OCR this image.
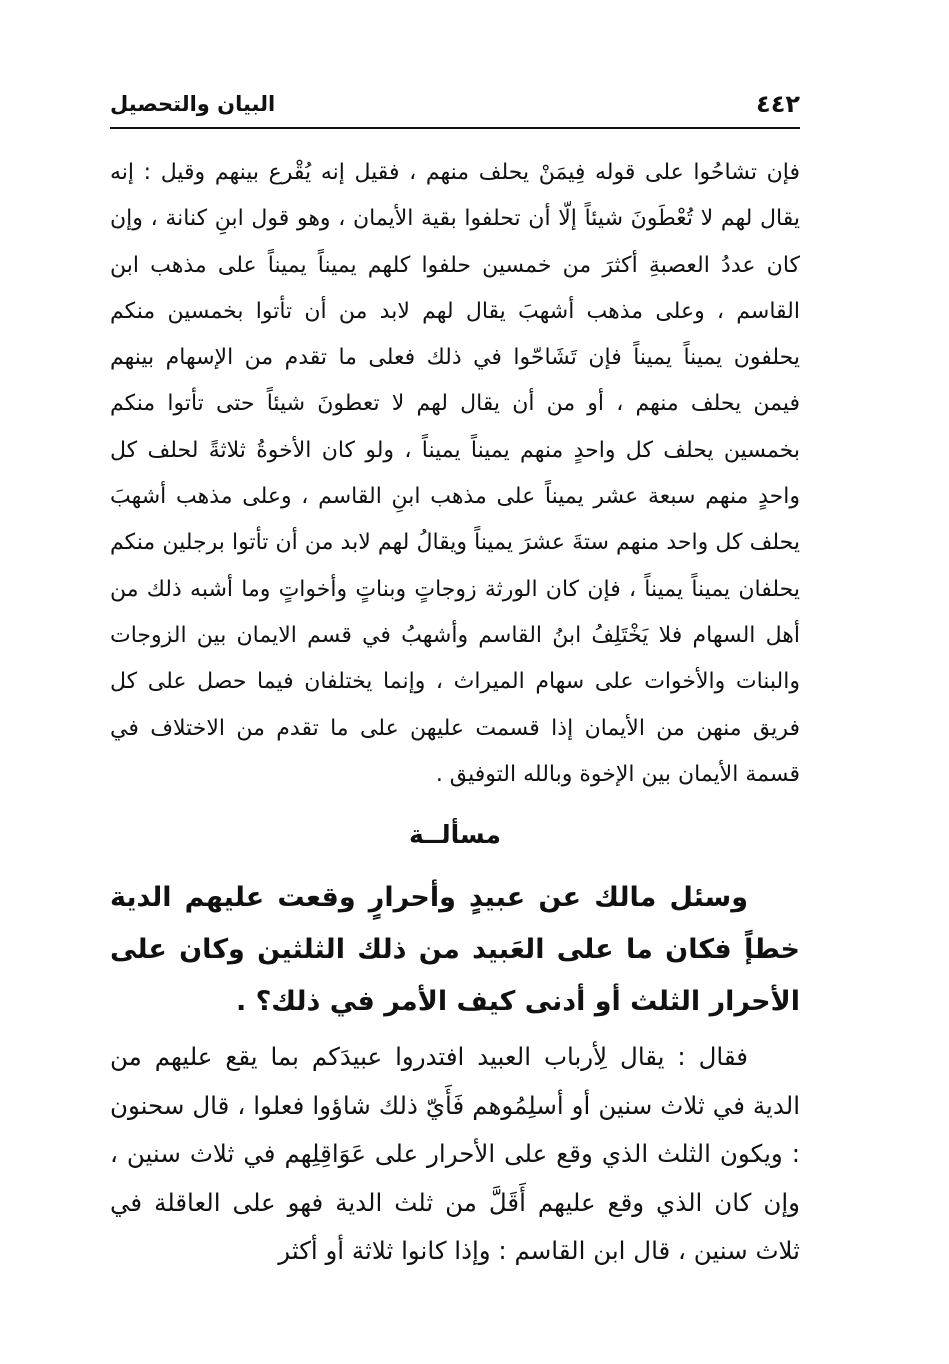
٤٤٢
البيان والتحصيل

فإن تشاحُوا على قوله فِيمَنْ يحلف منهم ، فقيل إنه يُقْرع بينهم وقيل : إنه يقال لهم لا تُعْطَونَ شيئاً إلّا أن تحلفوا بقية الأيمان ، وهو قول ابنِ كنانة ، وإن كان عددُ العصبةِ أكثرَ من خمسين حلفوا كلهم يميناً يميناً على مذهب ابن القاسم ، وعلى مذهب أشهبَ يقال لهم لابد من أن تأتوا بخمسين منكم يحلفون يميناً يميناً فإن تَشَاحّوا في ذلك فعلى ما تقدم من الإسهام بينهم فيمن يحلف منهم ، أو من أن يقال لهم لا تعطونَ شيئاً حتى تأتوا منكم بخمسين يحلف كل واحدٍ منهم يميناً يميناً ، ولو كان الأخوةُ ثلاثةً لحلف كل واحدٍ منهم سبعة عشر يميناً على مذهب ابنِ القاسم ، وعلى مذهب أشهبَ يحلف كل واحد منهم ستةَ عشرَ يميناً ويقالُ لهم لابد من أن تأتوا برجلين منكم يحلفان يميناً يميناً ، فإن كان الورثة زوجاتٍ وبناتٍ وأخواتٍ وما أشبه ذلك من أهل السهام فلا يَخْتَلِفُ ابنُ القاسم وأشهبُ في قسم الايمان بين الزوجات والبنات والأخوات على سهام الميراث ، وإنما يختلفان فيما حصل على كل فريق منهن من الأيمان إذا قسمت عليهن على ما تقدم من الاختلاف في قسمة الأيمان بين الإخوة وبالله التوفيق .

مسألــة

وسئل مالك عن عبيدٍ وأحرارٍ وقعت عليهم الدية خطإً فكان ما على العَبيد من ذلك الثلثين وكان على الأحرار الثلث أو أدنى كيف الأمر في ذلك؟ .

فقال : يقال لِأرباب العبيد افتدروا عبيدَكم بما يقع عليهم من الدية في ثلاث سنين أو أسلِمُوهم فَأَيّ ذلك شاؤوا فعلوا ، قال سحنون : ويكون الثلث الذي وقع على الأحرار على عَوَاقِلِهم في ثلاث سنين ، وإن كان الذي وقع عليهم أَقَلَّ من ثلث الدية فهو على العاقلة في ثلاث سنين ، قال ابن القاسم : وإذا كانوا ثلاثة أو أكثر
